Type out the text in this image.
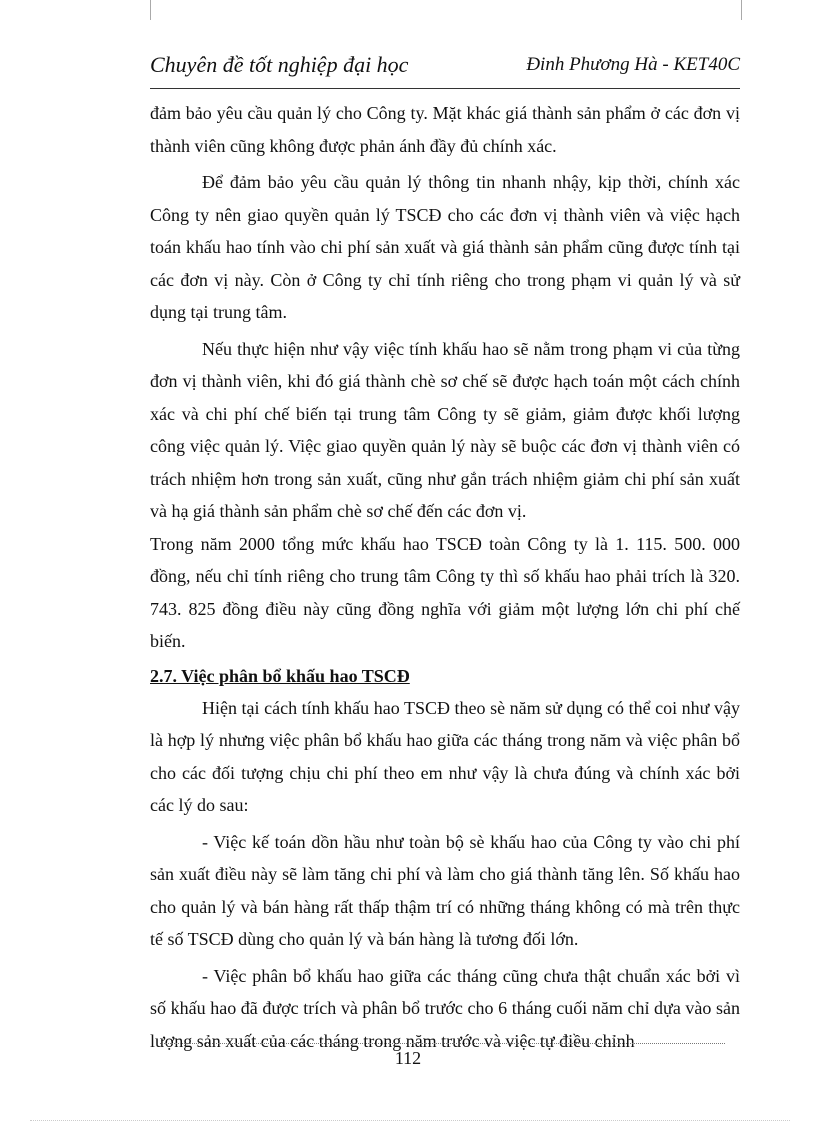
Chuyên đề tốt nghiệp đại học	Đinh Phương Hà - KET40C

đảm bảo yêu cầu quản lý cho Công ty. Mặt khác giá thành sản phẩm ở các đơn vị thành viên cũng không được phản ánh đầy đủ chính xác.

Để đảm bảo yêu cầu quản lý thông tin nhanh nhậy, kịp thời, chính xác Công ty nên giao quyền quản lý TSCĐ cho các đơn vị thành viên và việc hạch toán khấu hao tính vào chi phí sản xuất và giá thành sản phẩm cũng được tính tại các đơn vị này. Còn ở Công ty chỉ tính riêng cho trong phạm vi quản lý và sử dụng tại trung tâm.

Nếu thực hiện như vậy việc tính khấu hao sẽ nằm trong phạm vi của từng đơn vị thành viên, khi đó giá thành chè sơ chế sẽ được hạch toán một cách chính xác và chi phí chế biến tại trung tâm Công ty sẽ giảm, giảm được khối lượng công việc quản lý. Việc giao quyền quản lý này sẽ buộc các đơn vị thành viên có trách nhiệm hơn trong sản xuất, cũng như gắn trách nhiệm giảm chi phí sản xuất và hạ giá thành sản phẩm chè sơ chế đến các đơn vị.

Trong năm 2000 tổng mức khấu hao TSCĐ toàn Công ty là 1. 115. 500. 000 đồng, nếu chỉ tính riêng cho trung tâm Công ty thì số khấu hao phải trích là 320. 743. 825 đồng điều này cũng đồng nghĩa với giảm một lượng lớn chi phí chế biến.

2.7. Việc phân bổ khấu hao TSCĐ

Hiện tại cách tính khấu hao TSCĐ theo sè năm sử dụng có thể coi như vậy là hợp lý nhưng việc phân bổ khấu hao giữa các tháng trong năm và việc phân bổ cho các đối tượng chịu chi phí theo em như vậy là chưa đúng và chính xác bởi các lý do sau:

- Việc kế toán dồn hầu như toàn bộ sè khấu hao của Công ty vào chi phí sản xuất điều này sẽ làm tăng chi phí và làm cho giá thành tăng lên. Số khấu hao cho quản lý và bán hàng rất thấp thậm trí có những tháng không có mà trên thực tế số TSCĐ dùng cho quản lý và bán hàng là tương đối lớn.

- Việc phân bổ khấu hao giữa các tháng cũng chưa thật chuẩn xác bởi vì số khấu hao đã được trích và phân bổ trước cho 6 tháng cuối năm chỉ dựa vào sản lượng sản xuất của các tháng trong năm trước và việc tự điều chỉnh

112
